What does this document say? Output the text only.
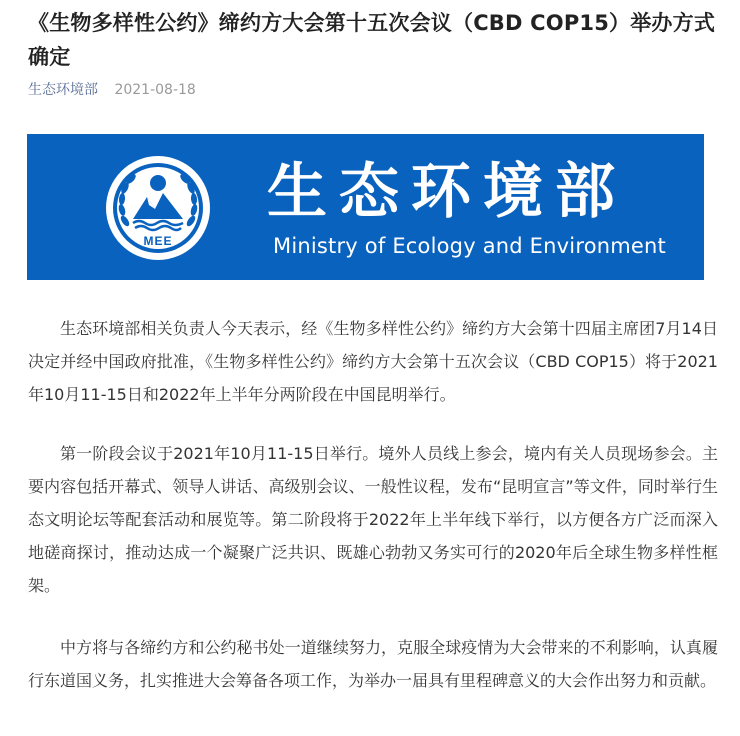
《生物多样性公约》缔约方大会第十五次会议（CBD COP15）举办方式确定
生态环境部 2021-08-18
MEE
生态环境部
Ministry of Ecology and Environment

生态环境部相关负责人今天表示，经《生物多样性公约》缔约方大会第十四届主席团7月14日决定并经中国政府批准，《生物多样性公约》缔约方大会第十五次会议（CBD COP15）将于2021年10月11-15日和2022年上半年分两阶段在中国昆明举行。

第一阶段会议于2021年10月11-15日举行。境外人员线上参会，境内有关人员现场参会。主要内容包括开幕式、领导人讲话、高级别会议、一般性议程，发布“昆明宣言”等文件，同时举行生态文明论坛等配套活动和展览等。第二阶段将于2022年上半年线下举行，以方便各方广泛而深入地磋商探讨，推动达成一个凝聚广泛共识、既雄心勃勃又务实可行的2020年后全球生物多样性框架。

中方将与各缔约方和公约秘书处一道继续努力，克服全球疫情为大会带来的不利影响，认真履行东道国义务，扎实推进大会筹备各项工作，为举办一届具有里程碑意义的大会作出努力和贡献。
